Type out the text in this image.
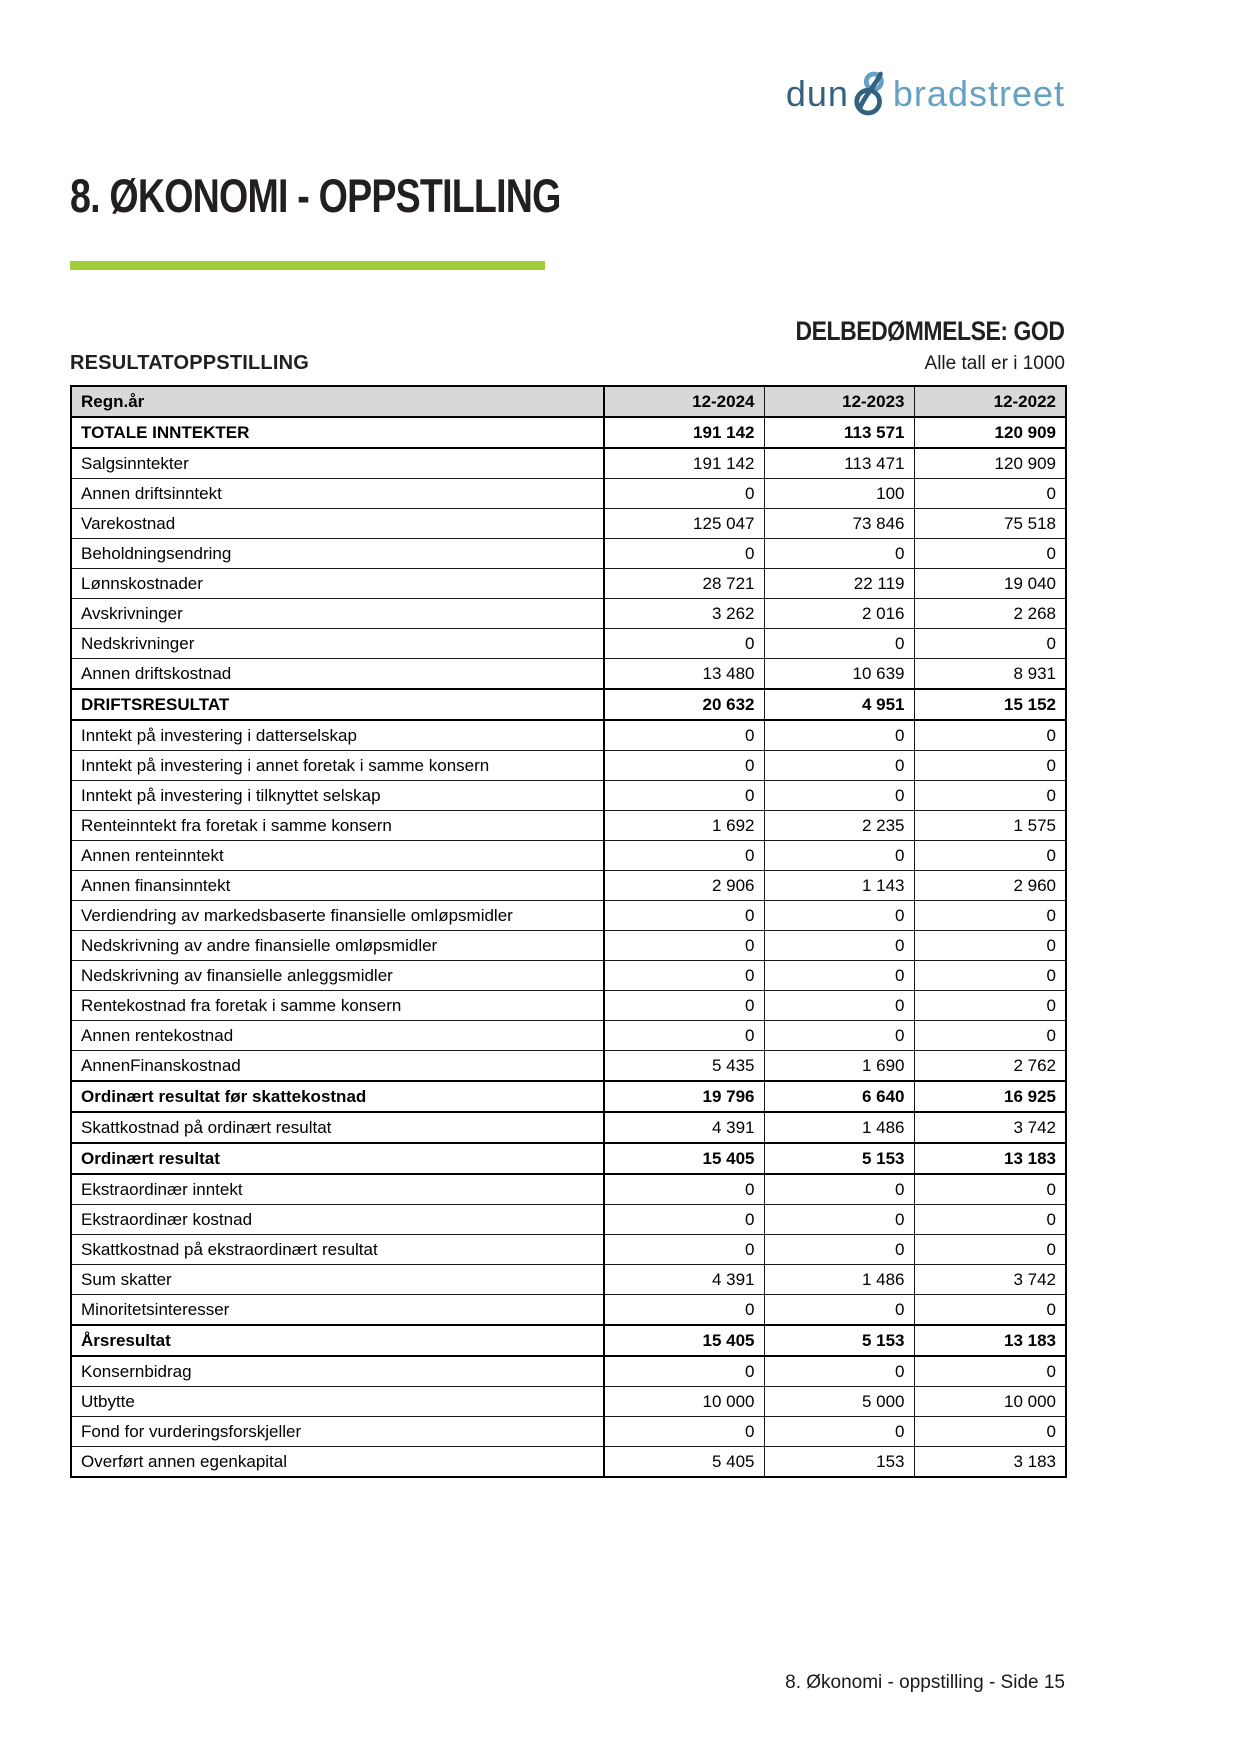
dun bradstreet
8. ØKONOMI - OPPSTILLING
DELBEDØMMELSE: GOD
RESULTATOPPSTILLING	Alle tall er i 1000
Regn.år	12-2024	12-2023	12-2022
TOTALE INNTEKTER	191 142	113 571	120 909
Salgsinntekter	191 142	113 471	120 909
Annen driftsinntekt	0	100	0
Varekostnad	125 047	73 846	75 518
Beholdningsendring	0	0	0
Lønnskostnader	28 721	22 119	19 040
Avskrivninger	3 262	2 016	2 268
Nedskrivninger	0	0	0
Annen driftskostnad	13 480	10 639	8 931
DRIFTSRESULTAT	20 632	4 951	15 152
Inntekt på investering i datterselskap	0	0	0
Inntekt på investering i annet foretak i samme konsern	0	0	0
Inntekt på investering i tilknyttet selskap	0	0	0
Renteinntekt fra foretak i samme konsern	1 692	2 235	1 575
Annen renteinntekt	0	0	0
Annen finansinntekt	2 906	1 143	2 960
Verdiendring av markedsbaserte finansielle omløpsmidler	0	0	0
Nedskrivning av andre finansielle omløpsmidler	0	0	0
Nedskrivning av finansielle anleggsmidler	0	0	0
Rentekostnad fra foretak i samme konsern	0	0	0
Annen rentekostnad	0	0	0
AnnenFinanskostnad	5 435	1 690	2 762
Ordinært resultat før skattekostnad	19 796	6 640	16 925
Skattkostnad på ordinært resultat	4 391	1 486	3 742
Ordinært resultat	15 405	5 153	13 183
Ekstraordinær inntekt	0	0	0
Ekstraordinær kostnad	0	0	0
Skattkostnad på ekstraordinært resultat	0	0	0
Sum skatter	4 391	1 486	3 742
Minoritetsinteresser	0	0	0
Årsresultat	15 405	5 153	13 183
Konsernbidrag	0	0	0
Utbytte	10 000	5 000	10 000
Fond for vurderingsforskjeller	0	0	0
Overført annen egenkapital	5 405	153	3 183
8. Økonomi - oppstilling - Side 15
